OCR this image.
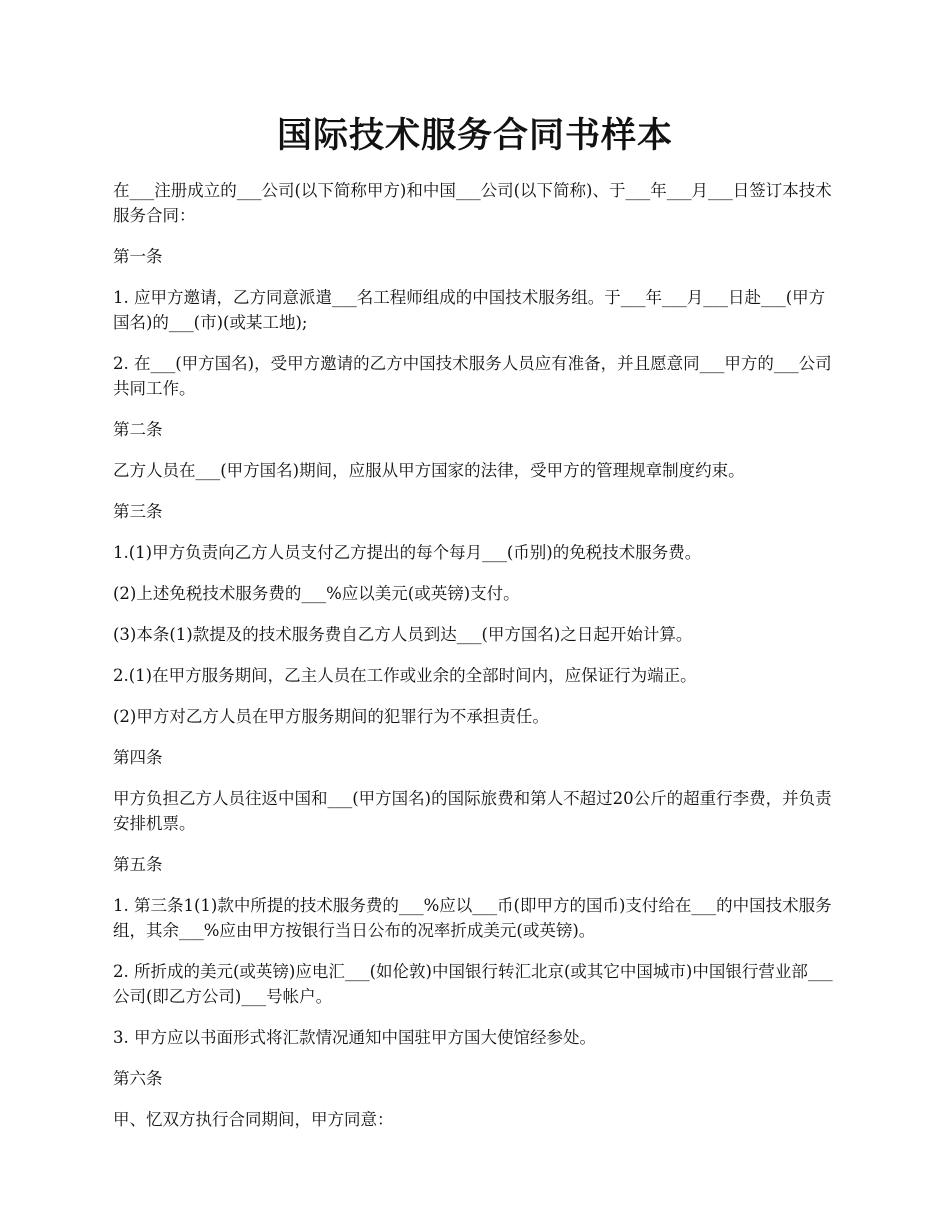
国际技术服务合同书样本

在___注册成立的___公司(以下简称甲方)和中国___公司(以下简称)、于___年___月___日签订本技术服务合同：

第一条

1. 应甲方邀请，乙方同意派遣___名工程师组成的中国技术服务组。于___年___月___日赴___(甲方国名)的___(市)(或某工地);

2. 在___(甲方国名)，受甲方邀请的乙方中国技术服务人员应有准备，并且愿意同___甲方的___公司共同工作。

第二条

乙方人员在___(甲方国名)期间，应服从甲方国家的法律，受甲方的管理规章制度约束。

第三条

1.(1)甲方负责向乙方人员支付乙方提出的每个每月___(币别)的免税技术服务费。

(2)上述免税技术服务费的___%应以美元(或英镑)支付。

(3)本条(1)款提及的技术服务费自乙方人员到达___(甲方国名)之日起开始计算。

2.(1)在甲方服务期间，乙主人员在工作或业余的全部时间内，应保证行为端正。

(2)甲方对乙方人员在甲方服务期间的犯罪行为不承担责任。

第四条

甲方负担乙方人员往返中国和___(甲方国名)的国际旅费和第人不超过20公斤的超重行李费，并负责安排机票。

第五条

1. 第三条1(1)款中所提的技术服务费的___%应以___币(即甲方的国币)支付给在___的中国技术服务组，其余___%应由甲方按银行当日公布的况率折成美元(或英镑)。

2. 所折成的美元(或英镑)应电汇___(如伦敦)中国银行转汇北京(或其它中国城市)中国银行营业部___公司(即乙方公司)___号帐户。

3. 甲方应以书面形式将汇款情况通知中国驻甲方国大使馆经参处。

第六条

甲、忆双方执行合同期间，甲方同意：
